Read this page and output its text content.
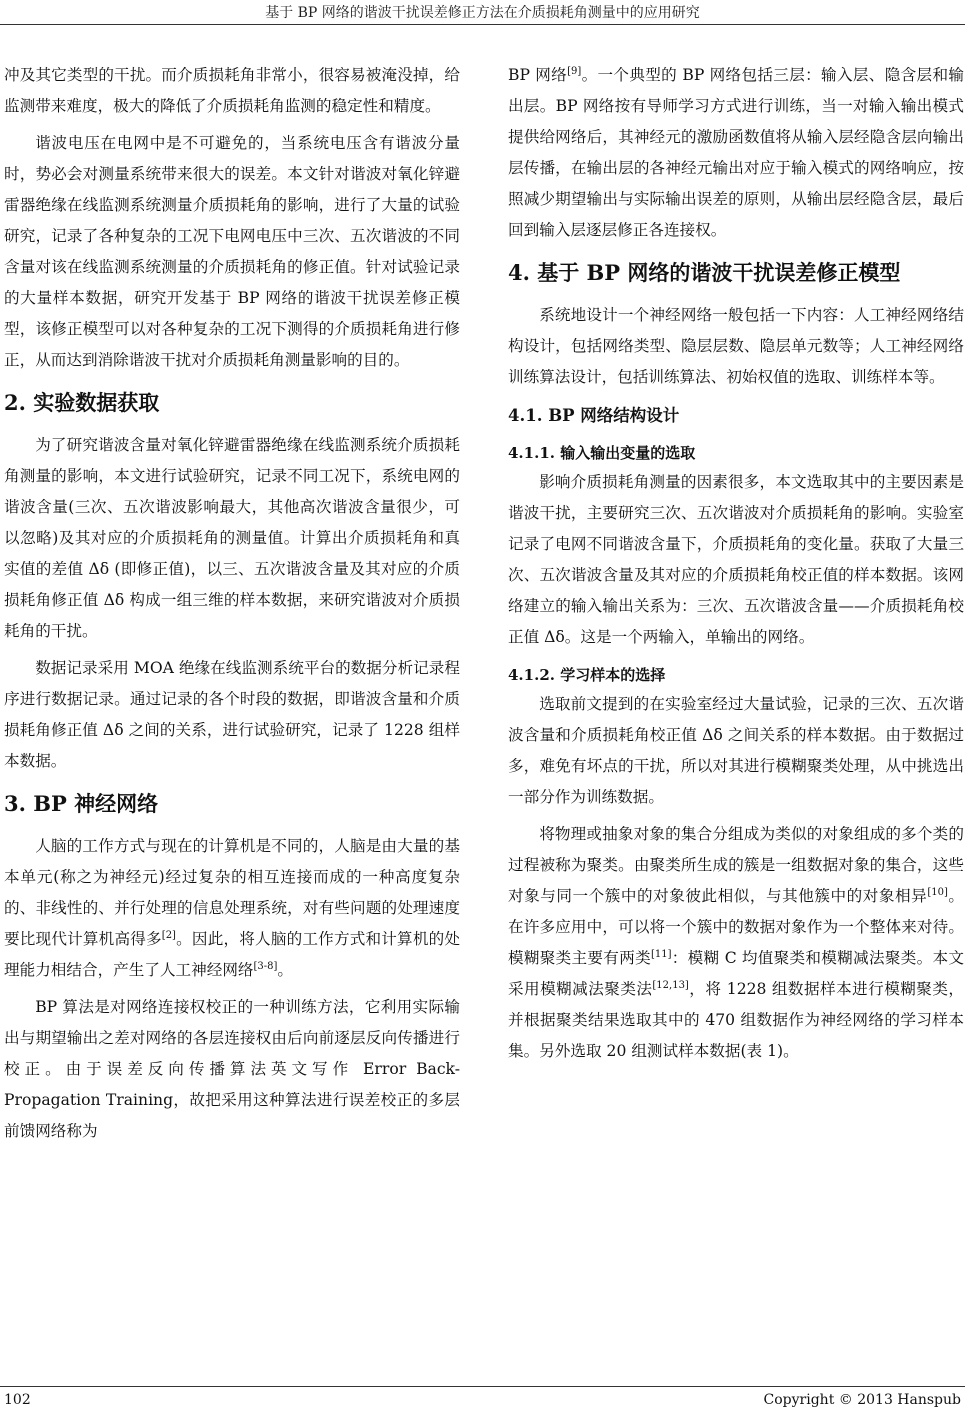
基于 BP 网络的谐波干扰误差修正方法在介质损耗角测量中的应用研究

冲及其它类型的干扰。而介质损耗角非常小，很容易被淹没掉，给监测带来难度，极大的降低了介质损耗角监测的稳定性和精度。

谐波电压在电网中是不可避免的，当系统电压含有谐波分量时，势必会对测量系统带来很大的误差。本文针对谐波对氧化锌避雷器绝缘在线监测系统测量介质损耗角的影响，进行了大量的试验研究，记录了各种复杂的工况下电网电压中三次、五次谐波的不同含量对该在线监测系统测量的介质损耗角的修正值。针对试验记录的大量样本数据，研究开发基于 BP 网络的谐波干扰误差修正模型，该修正模型可以对各种复杂的工况下测得的介质损耗角进行修正，从而达到消除谐波干扰对介质损耗角测量影响的目的。

2. 实验数据获取

为了研究谐波含量对氧化锌避雷器绝缘在线监测系统介质损耗角测量的影响，本文进行试验研究，记录不同工况下，系统电网的谐波含量(三次、五次谐波影响最大，其他高次谐波含量很少，可以忽略)及其对应的介质损耗角的测量值。计算出介质损耗角和真实值的差值 Δδ (即修正值)，以三、五次谐波含量及其对应的介质损耗角修正值 Δδ 构成一组三维的样本数据，来研究谐波对介质损耗角的干扰。

数据记录采用 MOA 绝缘在线监测系统平台的数据分析记录程序进行数据记录。通过记录的各个时段的数据，即谐波含量和介质损耗角修正值 Δδ 之间的关系，进行试验研究，记录了 1228 组样本数据。

3. BP 神经网络

人脑的工作方式与现在的计算机是不同的，人脑是由大量的基本单元(称之为神经元)经过复杂的相互连接而成的一种高度复杂的、非线性的、并行处理的信息处理系统，对有些问题的处理速度要比现代计算机高得多[2]。因此，将人脑的工作方式和计算机的处理能力相结合，产生了人工神经网络[3-8]。

BP 算法是对网络连接权校正的一种训练方法，它利用实际输出与期望输出之差对网络的各层连接权由后向前逐层反向传播进行校正。由于误差反向传播算法英文写作 Error Back-Propagation Training，故把采用这种算法进行误差校正的多层前馈网络称为

BP 网络[9]。一个典型的 BP 网络包括三层：输入层、隐含层和输出层。BP 网络按有导师学习方式进行训练，当一对输入输出模式提供给网络后，其神经元的激励函数值将从输入层经隐含层向输出层传播，在输出层的各神经元输出对应于输入模式的网络响应，按照减少期望输出与实际输出误差的原则，从输出层经隐含层，最后回到输入层逐层修正各连接权。

4. 基于 BP 网络的谐波干扰误差修正模型

系统地设计一个神经网络一般包括一下内容：人工神经网络结构设计，包括网络类型、隐层层数、隐层单元数等；人工神经网络训练算法设计，包括训练算法、初始权值的选取、训练样本等。

4.1. BP 网络结构设计
4.1.1. 输入输出变量的选取

影响介质损耗角测量的因素很多，本文选取其中的主要因素是谐波干扰，主要研究三次、五次谐波对介质损耗角的影响。实验室记录了电网不同谐波含量下，介质损耗角的变化量。获取了大量三次、五次谐波含量及其对应的介质损耗角校正值的样本数据。该网络建立的输入输出关系为：三次、五次谐波含量——介质损耗角校正值 Δδ。这是一个两输入，单输出的网络。

4.1.2. 学习样本的选择

选取前文提到的在实验室经过大量试验，记录的三次、五次谐波含量和介质损耗角校正值 Δδ 之间关系的样本数据。由于数据过多，难免有坏点的干扰，所以对其进行模糊聚类处理，从中挑选出一部分作为训练数据。

将物理或抽象对象的集合分组成为类似的对象组成的多个类的过程被称为聚类。由聚类所生成的簇是一组数据对象的集合，这些对象与同一个簇中的对象彼此相似，与其他簇中的对象相异[10]。在许多应用中，可以将一个簇中的数据对象作为一个整体来对待。模糊聚类主要有两类[11]：模糊 C 均值聚类和模糊减法聚类。本文采用模糊减法聚类法[12,13]，将 1228 组数据样本进行模糊聚类，并根据聚类结果选取其中的 470 组数据作为神经网络的学习样本集。另外选取 20 组测试样本数据(表 1)。

102	Copyright © 2013 Hanspub
